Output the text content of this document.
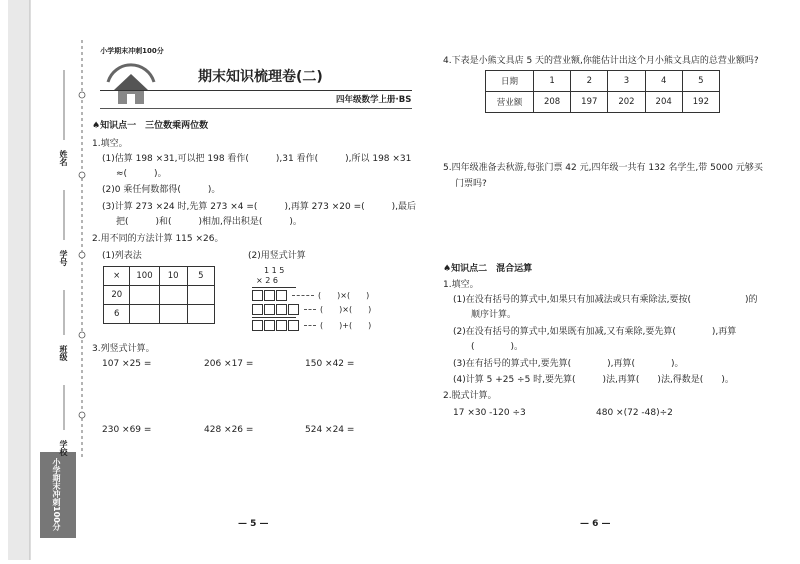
姓名
学号
班级
学校
小学期末冲刺100分
小学期末冲刺100分
期末知识梳理卷(二)
四年级数学上册·BS
♠知识点一　三位数乘两位数
1.填空。
(1)估算 198 ×31,可以把 198 看作(　　　),31 看作(　　　),所以 198 ×31
≈(　　　)。
(2)0 乘任何数都得(　　　)。
(3)计算 273 ×24 时,先算 273 ×4 =(　　　),再算 273 ×20 =(　　　),最后
把(　　　)和(　　　)相加,得出积是(　　　)。
2.用不同的方法计算 115 ×26。
(1)列表法	(2)用竖式计算
×	100	10	5
20			
6			
1 1 5
× 2 6
(　　)×(　　)
(　　)×(　　)
(　　)+(　　)
3.列竖式计算。
107 ×25 =	206 ×17 =	150 ×42 =
230 ×69 =	428 ×26 =	524 ×24 =
— 5 —
4.下表是小熊文具店 5 天的营业额,你能估计出这个月小熊文具店的总营业额吗?
日期	1	2	3	4	5
营业额	208	197	202	204	192
5.四年级准备去秋游,每张门票 42 元,四年级一共有 132 名学生,带 5000 元够买
门票吗?
♠知识点二　混合运算
1.填空。
(1)在没有括号的算式中,如果只有加减法或只有乘除法,要按(　　　　　　)的
顺序计算。
(2)在没有括号的算式中,如果既有加减,又有乘除,要先算(　　　　),再算
(　　　　)。
(3)在有括号的算式中,要先算(　　　　),再算(　　　　)。
(4)计算 5 +25 ÷5 时,要先算(　　　)法,再算(　　)法,得数是(　　)。
2.脱式计算。
17 ×30 -120 ÷3	480 ×(72 -48)÷2
— 6 —
